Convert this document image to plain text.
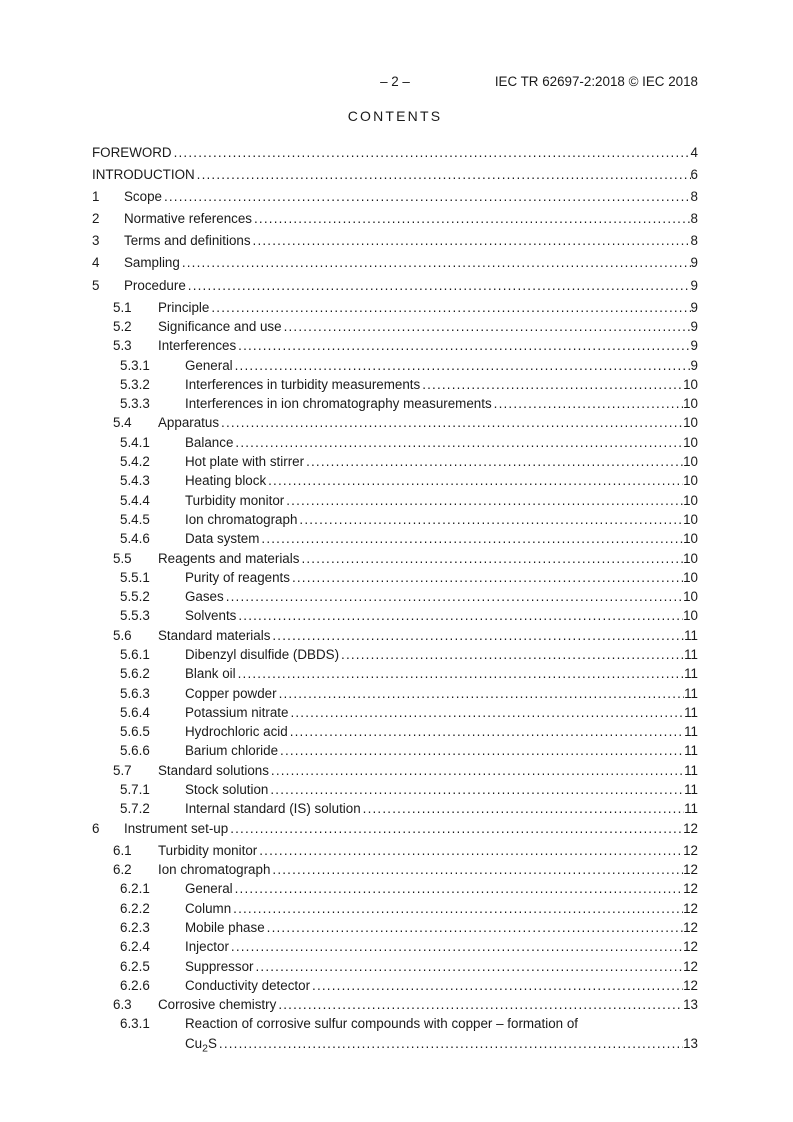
– 2 –	IEC TR 62697-2:2018 © IEC 2018
CONTENTS
FOREWORD .....	4
INTRODUCTION .....	6
1	Scope .....	8
2	Normative references .....	8
3	Terms and definitions .....	8
4	Sampling .....	9
5	Procedure .....	9
5.1	Principle .....	9
5.2	Significance and use .....	9
5.3	Interferences .....	9
5.3.1	General .....	9
5.3.2	Interferences in turbidity measurements .....	10
5.3.3	Interferences in ion chromatography measurements .....	10
5.4	Apparatus .....	10
5.4.1	Balance .....	10
5.4.2	Hot plate with stirrer .....	10
5.4.3	Heating block .....	10
5.4.4	Turbidity monitor .....	10
5.4.5	Ion chromatograph .....	10
5.4.6	Data system .....	10
5.5	Reagents and materials .....	10
5.5.1	Purity of reagents .....	10
5.5.2	Gases .....	10
5.5.3	Solvents .....	10
5.6	Standard materials .....	11
5.6.1	Dibenzyl disulfide (DBDS) .....	11
5.6.2	Blank oil .....	11
5.6.3	Copper powder .....	11
5.6.4	Potassium nitrate .....	11
5.6.5	Hydrochloric acid .....	11
5.6.6	Barium chloride .....	11
5.7	Standard solutions .....	11
5.7.1	Stock solution .....	11
5.7.2	Internal standard (IS) solution .....	11
6	Instrument set-up .....	12
6.1	Turbidity monitor .....	12
6.2	Ion chromatograph .....	12
6.2.1	General .....	12
6.2.2	Column .....	12
6.2.3	Mobile phase .....	12
6.2.4	Injector .....	12
6.2.5	Suppressor .....	12
6.2.6	Conductivity detector .....	12
6.3	Corrosive chemistry .....	13
6.3.1	Reaction of corrosive sulfur compounds with copper – formation of
$Cu_2S$ .....	13
